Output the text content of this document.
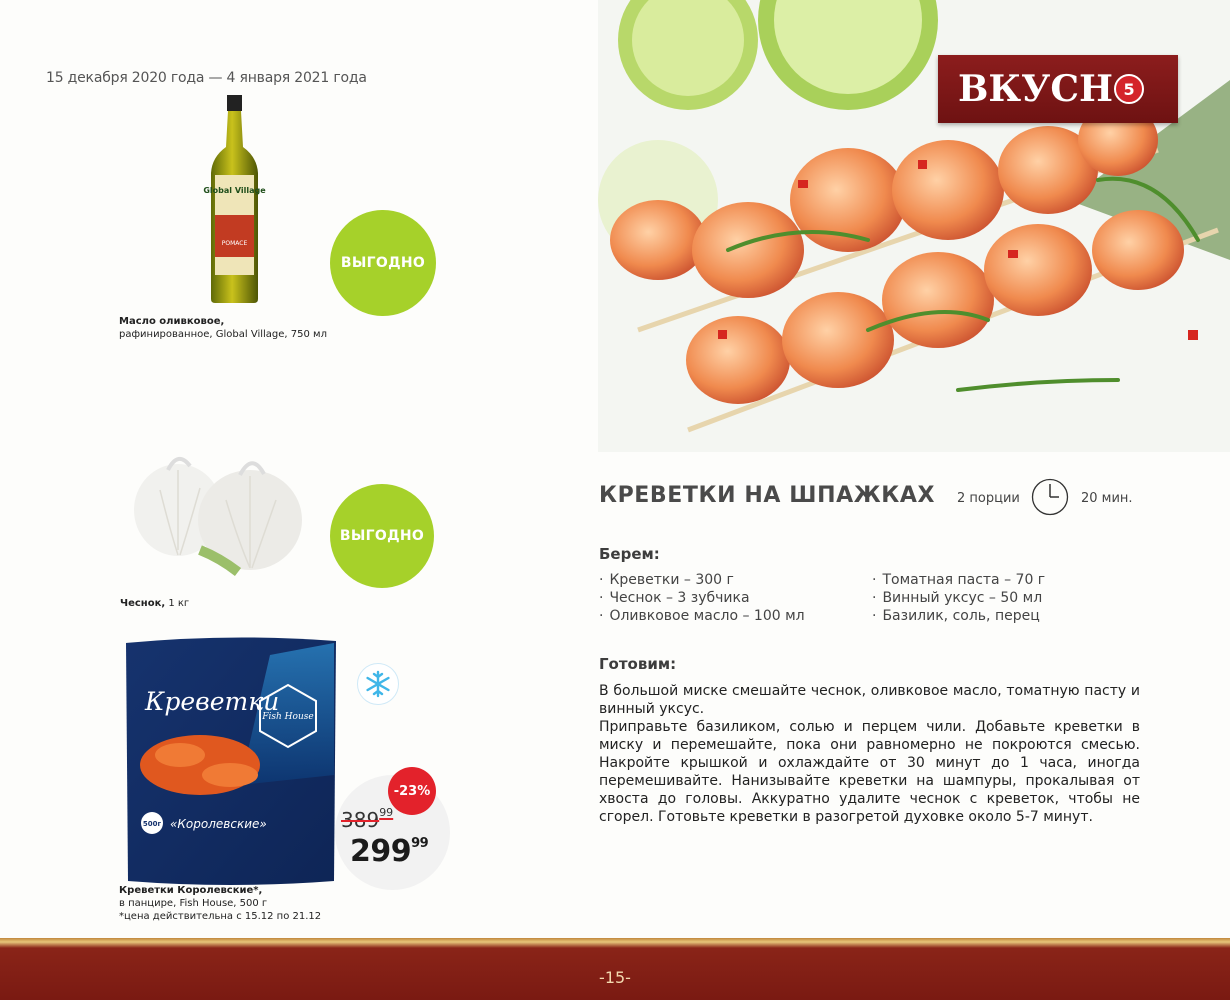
15 декабря 2020 года — 4 января 2021 года
Global Village
POMACE
ВЫГОДНО
Масло оливковое,
рафинированное, Global Village, 750 мл
ВЫГОДНО
Чеснок, 1 кг
Креветки
Fish House
500г «Королевские»
-23%
$389^{99}$
$299^{99}$
Креветки Королевские*,
в панцире, Fish House, 500 г
*цена действительна с 15.12 по 21.12
ВКУСН 5
КРЕВЕТКИ НА ШПАЖКАХ 2 порции	20 мин.
Берем:
· Креветки – 300 г
· Чеснок – 3 зубчика
· Оливковое масло – 100 мл
· Томатная паста – 70 г
· Винный уксус – 50 мл
· Базилик, соль, перец
Готовим:

В большой миске смешайте чеснок, оливковое масло, томатную пасту и винный уксус.

Приправьте базиликом, солью и перцем чили. Добавьте креветки в миску и перемешайте, пока они равномерно не покроются смесью. Накройте крышкой и охлаждайте от 30 минут до 1 часа, иногда перемешивайте. Нанизывайте креветки на шампуры, прокалывая от хвоста до головы. Аккуратно удалите чеснок с креветок, чтобы не сгорел. Готовьте креветки в разогретой духовке около 5-7 минут.

-15-
